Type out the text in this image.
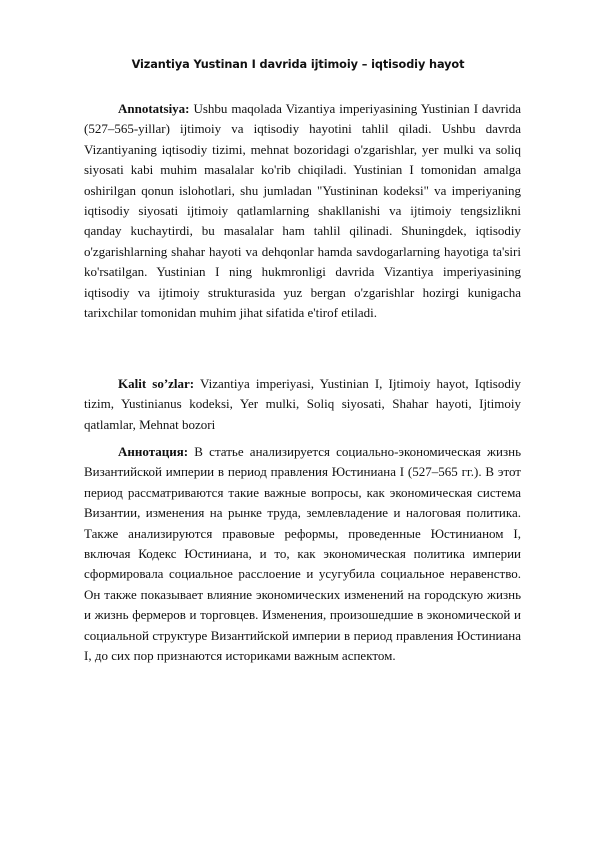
Vizantiya Yustinan I davrida ijtimoiy – iqtisodiy hayot

Annotatsiya: Ushbu maqolada Vizantiya imperiyasining Yustinian I davrida (527–565-yillar) ijtimoiy va iqtisodiy hayotini tahlil qiladi. Ushbu davrda Vizantiyaning iqtisodiy tizimi, mehnat bozoridagi o'zgarishlar, yer mulki va soliq siyosati kabi muhim masalalar ko'rib chiqiladi. Yustinian I tomonidan amalga oshirilgan qonun islohotlari, shu jumladan "Yustininan kodeksi" va imperiyaning iqtisodiy siyosati ijtimoiy qatlamlarning shakllanishi va ijtimoiy tengsizlikni qanday kuchaytirdi, bu masalalar ham tahlil qilinadi. Shuningdek, iqtisodiy o'zgarishlarning shahar hayoti va dehqonlar hamda savdogarlarning hayotiga ta'siri ko'rsatilgan. Yustinian I ning hukmronligi davrida Vizantiya imperiyasining iqtisodiy va ijtimoiy strukturasida yuz bergan o'zgarishlar hozirgi kunigacha tarixchilar tomonidan muhim jihat sifatida e'tirof etiladi.

Kalit so’zlar: Vizantiya imperiyasi, Yustinian I, Ijtimoiy hayot, Iqtisodiy tizim, Yustinianus kodeksi, Yer mulki, Soliq siyosati, Shahar hayoti, Ijtimoiy qatlamlar, Mehnat bozori

Аннотация: В статье анализируется социально-экономическая жизнь Византийской империи в период правления Юстиниана I (527–565 гг.). В этот период рассматриваются такие важные вопросы, как экономическая система Византии, изменения на рынке труда, землевладение и налоговая политика. Также анализируются правовые реформы, проведенные Юстинианом I, включая Кодекс Юстиниана, и то, как экономическая политика империи сформировала социальное расслоение и усугубила социальное неравенство. Он также показывает влияние экономических изменений на городскую жизнь и жизнь фермеров и торговцев. Изменения, произошедшие в экономической и социальной структуре Византийской империи в период правления Юстиниана I, до сих пор признаются историками важным аспектом.
